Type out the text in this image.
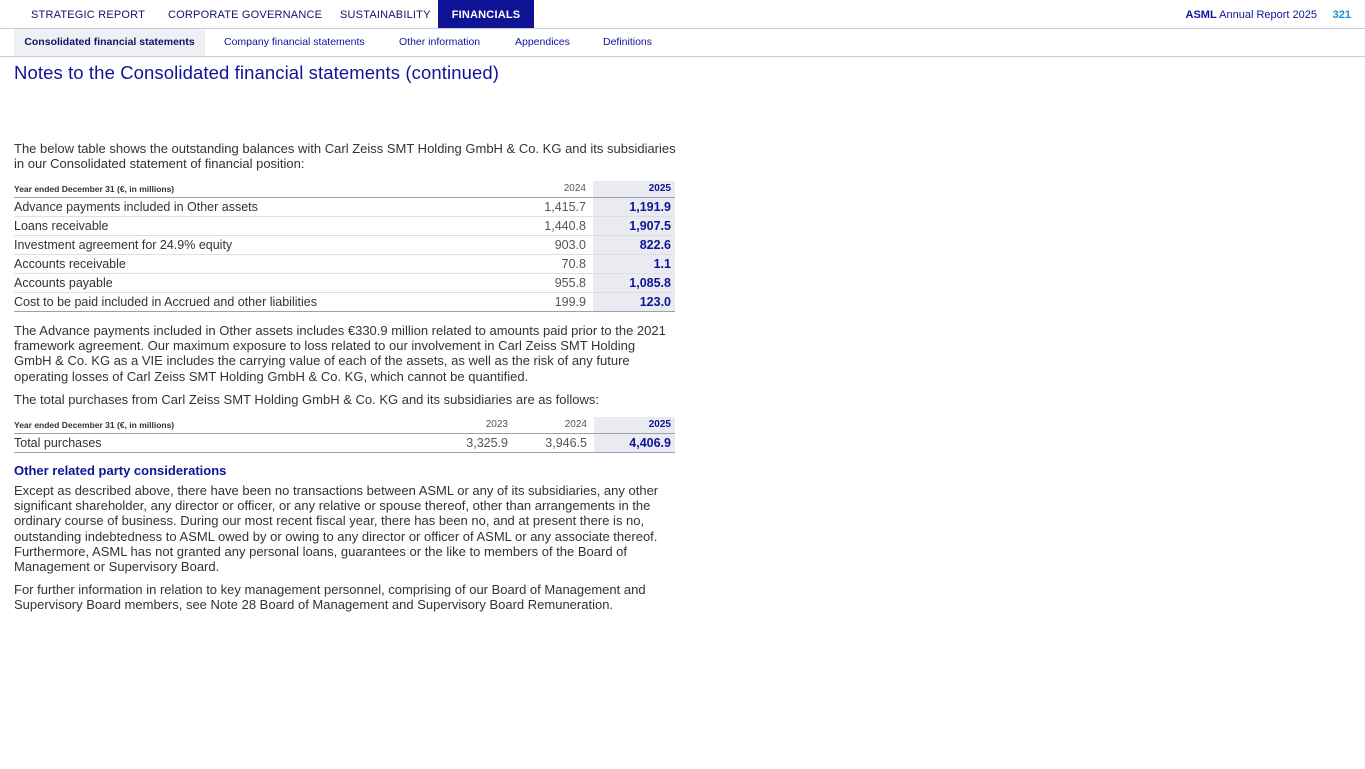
STRATEGIC REPORT CORPORATE GOVERNANCE SUSTAINABILITY	FINANCIALS	ASML Annual Report 2025 321
Consolidated financial statements	Company financial statements	Other information	Appendices	Definitions
Notes to the Consolidated financial statements (continued)

The below table shows the outstanding balances with Carl Zeiss SMT Holding GmbH & Co. KG and its subsidiaries in our Consolidated statement of financial position:

Year ended December 31 (€, in millions)	2024	2025
Advance payments included in Other assets	1,415.7	1,191.9
Loans receivable	1,440.8	1,907.5
Investment agreement for 24.9% equity	903.0	822.6
Accounts receivable	70.8	1.1
Accounts payable	955.8	1,085.8
Cost to be paid included in Accrued and other liabilities	199.9	123.0

The Advance payments included in Other assets includes €330.9 million related to amounts paid prior to the 2021 framework agreement. Our maximum exposure to loss related to our involvement in Carl Zeiss SMT Holding GmbH & Co. KG as a VIE includes the carrying value of each of the assets, as well as the risk of any future operating losses of Carl Zeiss SMT Holding GmbH & Co. KG, which cannot be quantified.

The total purchases from Carl Zeiss SMT Holding GmbH & Co. KG and its subsidiaries are as follows:

Year ended December 31 (€, in millions)	2023	2024	2025
Total purchases	3,325.9	3,946.5	4,406.9
Other related party considerations

Except as described above, there have been no transactions between ASML or any of its subsidiaries, any other significant shareholder, any director or officer, or any relative or spouse thereof, other than arrangements in the ordinary course of business. During our most recent fiscal year, there has been no, and at present there is no, outstanding indebtedness to ASML owed by or owing to any director or officer of ASML or any associate thereof. Furthermore, ASML has not granted any personal loans, guarantees or the like to members of the Board of Management or Supervisory Board.

For further information in relation to key management personnel, comprising of our Board of Management and Supervisory Board members, see Note 28 Board of Management and Supervisory Board Remuneration.
